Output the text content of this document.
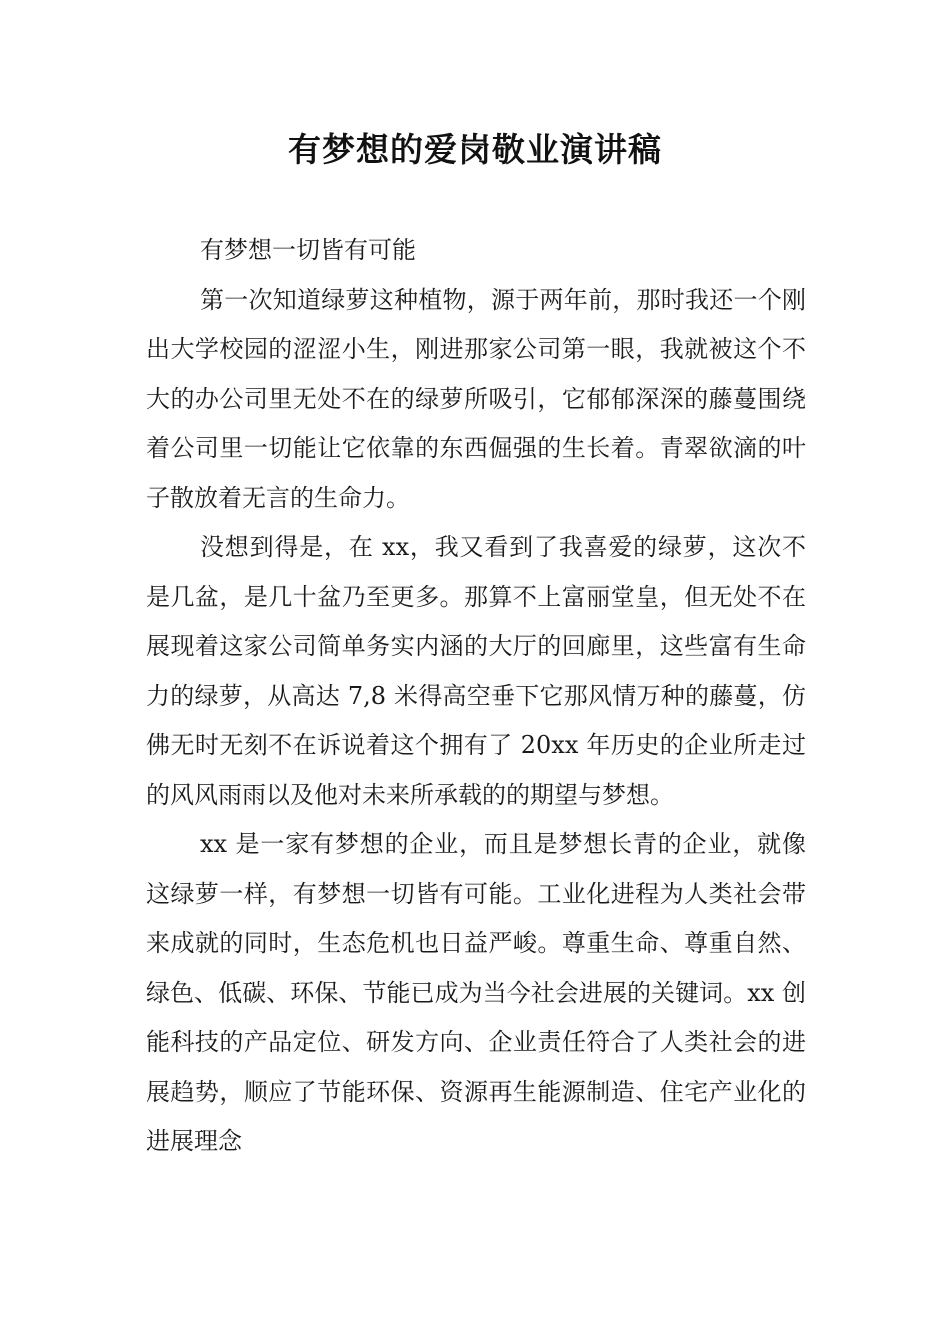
有梦想的爱岗敬业演讲稿

有梦想一切皆有可能

第一次知道绿萝这种植物，源于两年前，那时我还一个刚出大学校园的涩涩小生，刚进那家公司第一眼，我就被这个不大的办公司里无处不在的绿萝所吸引，它郁郁深深的藤蔓围绕着公司里一切能让它依靠的东西倔强的生长着。青翠欲滴的叶子散放着无言的生命力。

没想到得是，在 xx，我又看到了我喜爱的绿萝，这次不是几盆，是几十盆乃至更多。那算不上富丽堂皇，但无处不在展现着这家公司简单务实内涵的大厅的回廊里，这些富有生命力的绿萝，从高达 7,8 米得高空垂下它那风情万种的藤蔓，仿佛无时无刻不在诉说着这个拥有了 20xx 年历史的企业所走过的风风雨雨以及他对未来所承载的的期望与梦想。

xx 是一家有梦想的企业，而且是梦想长青的企业，就像这绿萝一样，有梦想一切皆有可能。工业化进程为人类社会带来成就的同时，生态危机也日益严峻。尊重生命、尊重自然、绿色、低碳、环保、节能已成为当今社会进展的关键词。xx 创能科技的产品定位、研发方向、企业责任符合了人类社会的进展趋势，顺应了节能环保、资源再生能源制造、住宅产业化的进展理念
